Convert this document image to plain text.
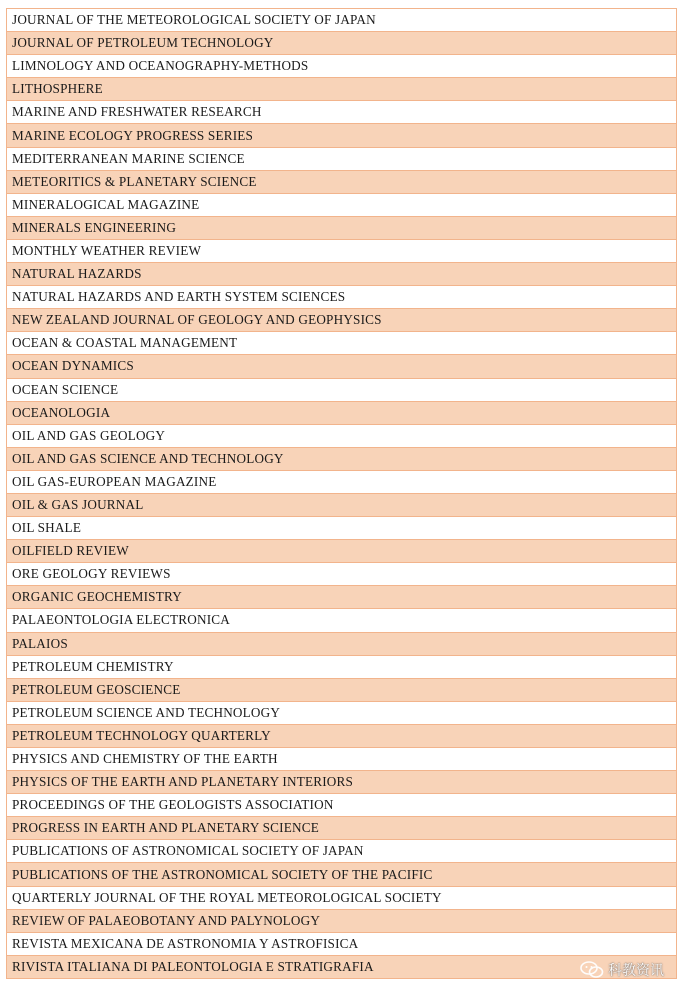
JOURNAL OF THE METEOROLOGICAL SOCIETY OF JAPAN
JOURNAL OF PETROLEUM TECHNOLOGY
LIMNOLOGY AND OCEANOGRAPHY-METHODS
LITHOSPHERE
MARINE AND FRESHWATER RESEARCH
MARINE ECOLOGY PROGRESS SERIES
MEDITERRANEAN MARINE SCIENCE
METEORITICS & PLANETARY SCIENCE
MINERALOGICAL MAGAZINE
MINERALS ENGINEERING
MONTHLY WEATHER REVIEW
NATURAL HAZARDS
NATURAL HAZARDS AND EARTH SYSTEM SCIENCES
NEW ZEALAND JOURNAL OF GEOLOGY AND GEOPHYSICS
OCEAN & COASTAL MANAGEMENT
OCEAN DYNAMICS
OCEAN SCIENCE
OCEANOLOGIA
OIL AND GAS GEOLOGY
OIL AND GAS SCIENCE AND TECHNOLOGY
OIL GAS-EUROPEAN MAGAZINE
OIL & GAS JOURNAL
OIL SHALE
OILFIELD REVIEW
ORE GEOLOGY REVIEWS
ORGANIC GEOCHEMISTRY
PALAEONTOLOGIA ELECTRONICA
PALAIOS
PETROLEUM CHEMISTRY
PETROLEUM GEOSCIENCE
PETROLEUM SCIENCE AND TECHNOLOGY
PETROLEUM TECHNOLOGY QUARTERLY
PHYSICS AND CHEMISTRY OF THE EARTH
PHYSICS OF THE EARTH AND PLANETARY INTERIORS
PROCEEDINGS OF THE GEOLOGISTS ASSOCIATION
PROGRESS IN EARTH AND PLANETARY SCIENCE
PUBLICATIONS OF ASTRONOMICAL SOCIETY OF JAPAN
PUBLICATIONS OF THE ASTRONOMICAL SOCIETY OF THE PACIFIC
QUARTERLY JOURNAL OF THE ROYAL METEOROLOGICAL SOCIETY
REVIEW OF PALAEOBOTANY AND PALYNOLOGY
REVISTA MEXICANA DE ASTRONOMIA Y ASTROFISICA
RIVISTA ITALIANA DI PALEONTOLOGIA E STRATIGRAFIA	科教资讯
